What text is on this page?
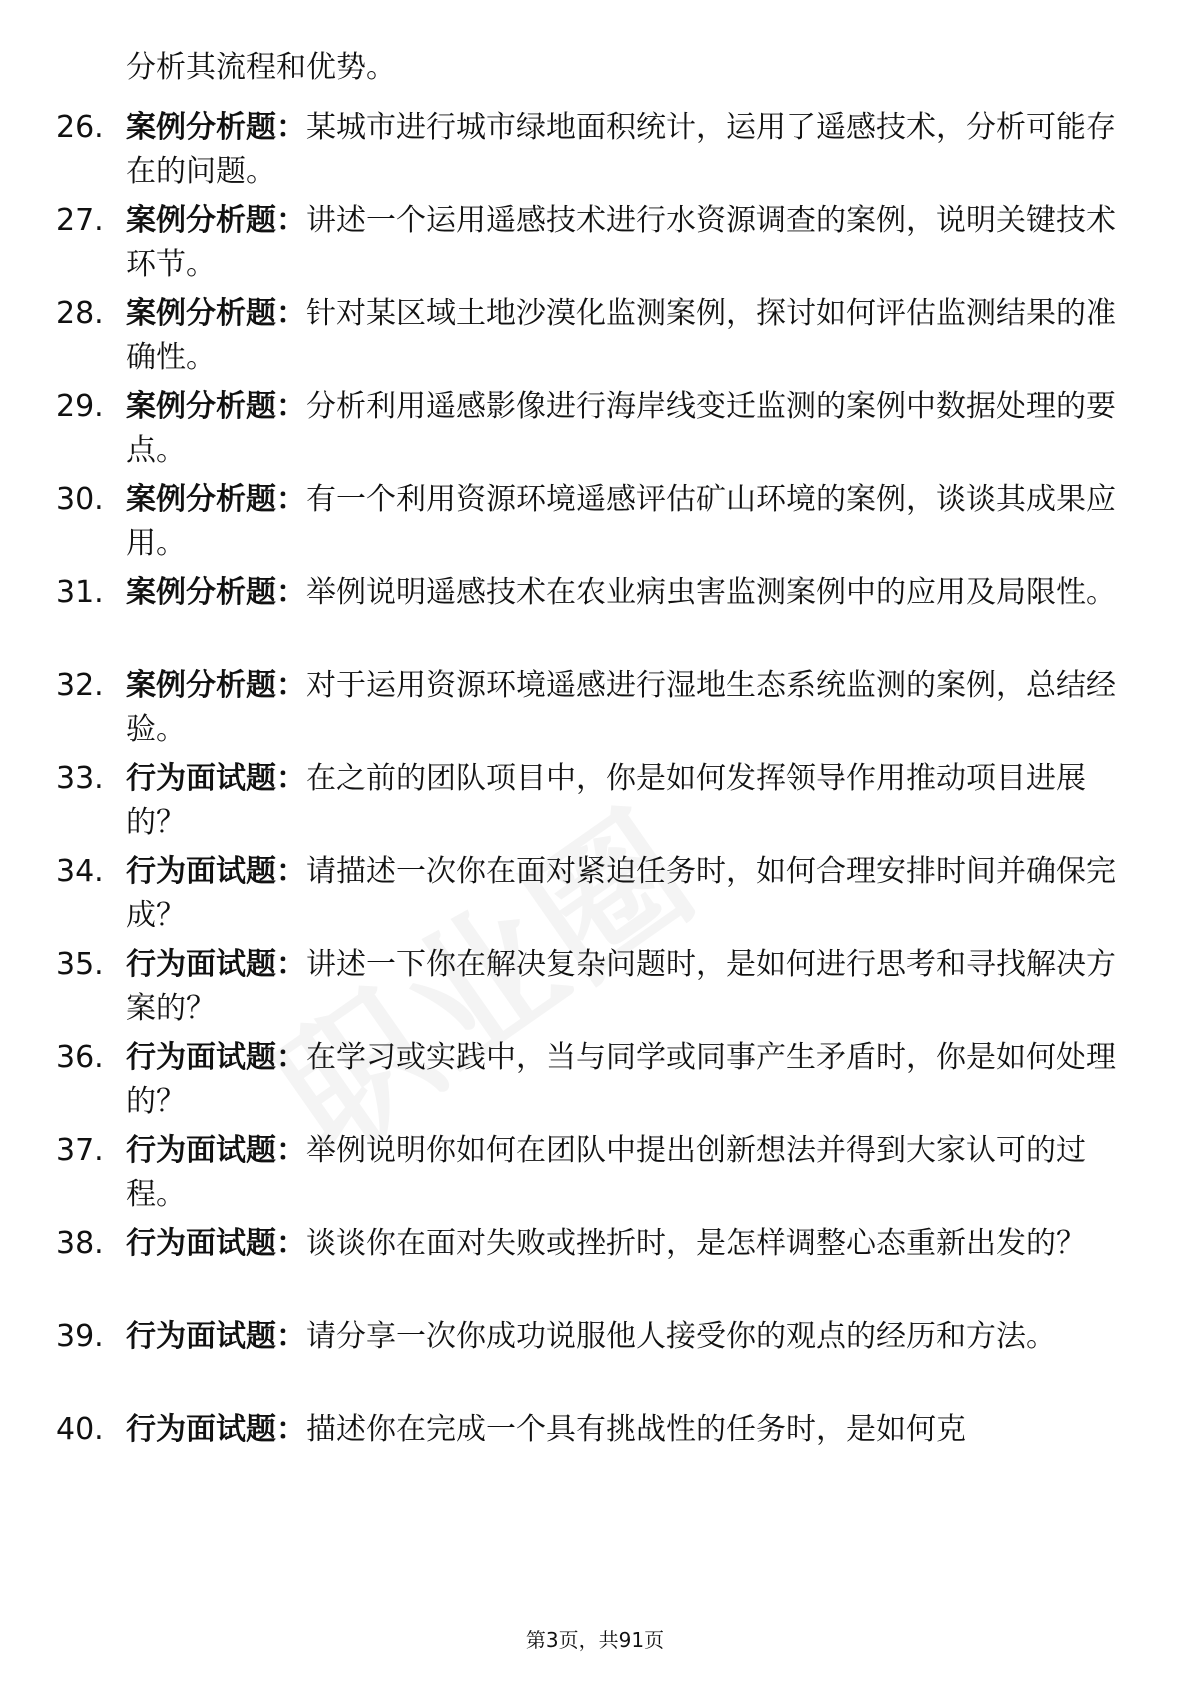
分析其流程和优势。
26. 案例分析题：某城市进行城市绿地面积统计，运用了遥感技术，分析可能存在的问题。
27. 案例分析题：讲述一个运用遥感技术进行水资源调查的案例，说明关键技术环节。
28. 案例分析题：针对某区域土地沙漠化监测案例，探讨如何评估监测结果的准确性。
29. 案例分析题：分析利用遥感影像进行海岸线变迁监测的案例中数据处理的要点。
30. 案例分析题：有一个利用资源环境遥感评估矿山环境的案例，谈谈其成果应用。
31. 案例分析题：举例说明遥感技术在农业病虫害监测案例中的应用及局限性。
32. 案例分析题：对于运用资源环境遥感进行湿地生态系统监测的案例，总结经验。
33. 行为面试题：在之前的团队项目中，你是如何发挥领导作用推动项目进展的？
34. 行为面试题：请描述一次你在面对紧迫任务时，如何合理安排时间并确保完成？
35. 行为面试题：讲述一下你在解决复杂问题时，是如何进行思考和寻找解决方案的？
36. 行为面试题：在学习或实践中，当与同学或同事产生矛盾时，你是如何处理的？
37. 行为面试题：举例说明你如何在团队中提出创新想法并得到大家认可的过程。
38. 行为面试题：谈谈你在面对失败或挫折时，是怎样调整心态重新出发的？
39. 行为面试题：请分享一次你成功说服他人接受你的观点的经历和方法。
40. 行为面试题：描述你在完成一个具有挑战性的任务时，是如何克
第3页，共91页
